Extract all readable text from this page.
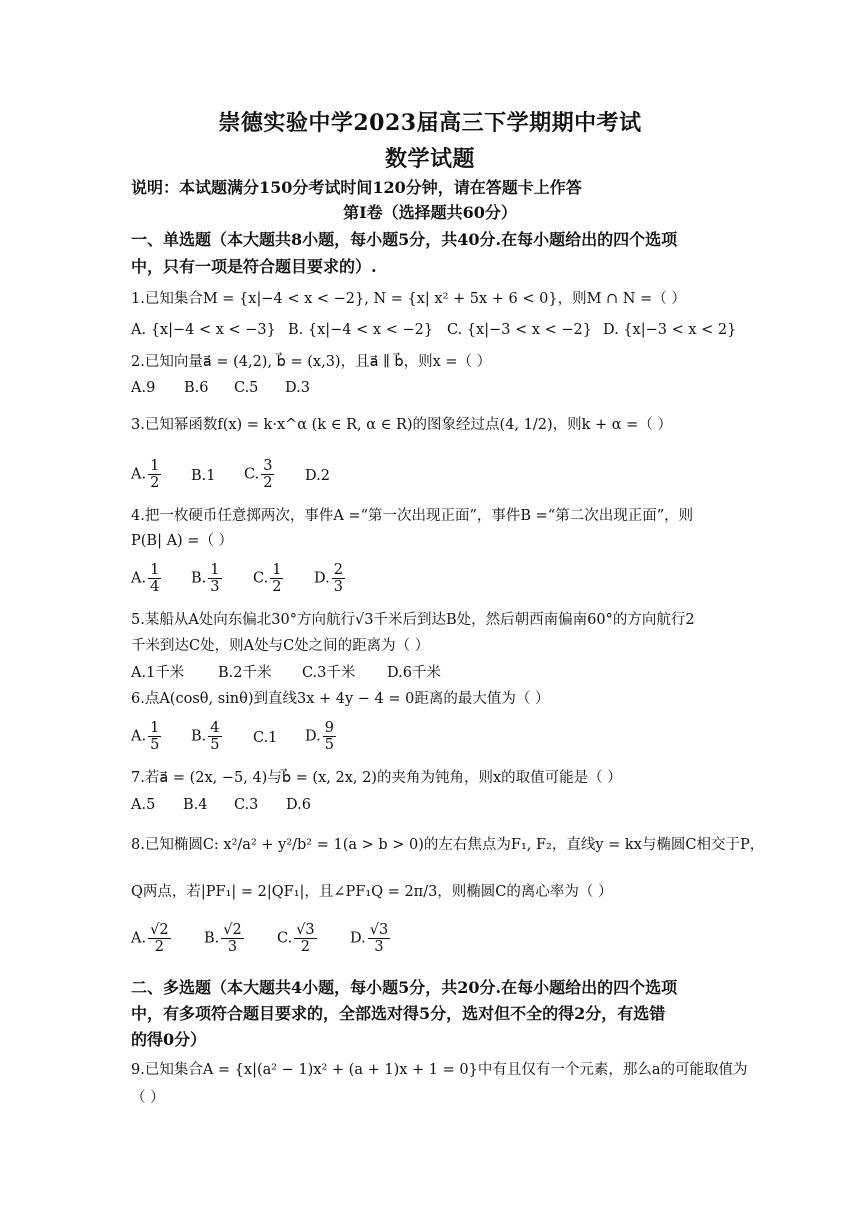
崇德实验中学2023届高三下学期期中考试
数学试题
说明：本试题满分150分考试时间120分钟，请在答题卡上作答
第I卷（选择题共60分）
一、单选题（本大题共8小题，每小题5分，共40分.在每小题给出的四个选项
中，只有一项是符合题目要求的）.
1.已知集合M = {x|−4 < x < −2}, N = {x| x² + 5x + 6 < 0}，则M ∩ N =（ ）
A. {x|−4 < x < −3} B. {x|−4 < x < −2} C. {x|−3 < x < −2} D. {x|−3 < x < 2}
2.已知向量a⃗ = (4,2), b⃗ = (x,3)，且a⃗ ∥ b⃗，则x =（ ）
A.9 B.6 C.5 D.3
3.已知幂函数f(x) = k·x^α (k ∈ R, α ∈ R)的图象经过点(4, 1/2)，则k + α =（ ）
A. $\frac{1}{2} B.1$ C. $\frac{3}{2} D.2$
4.把一枚硬币任意掷两次，事件A =“第一次出现正面”，事件B =“第二次出现正面”，则
P(B| A) =（ ）
A. $\frac{1}{4} B$. $\frac{1}{3} C$. $\frac{1}{2} D$. $\frac{2}{3}$
5.某船从A处向东偏北30°方向航行√3千米后到达B处，然后朝西南偏南60°的方向航行2
千米到达C处，则A处与C处之间的距离为（ ）
A.1千米 B.2千米 C.3千米 D.6千米
6.点A(cosθ, sinθ)到直线3x + 4y − 4 = 0距离的最大值为（ ）
A. $\frac{1}{5} B$. $\frac{4}{5} C.1$ D. $\frac{9}{5}$
7.若a⃗ = (2x, −5, 4)与b⃗ = (x, 2x, 2)的夹角为钝角，则x的取值可能是（ ）
A.5 B.4 C.3 D.6
8.已知椭圆C: x²/a² + y²/b² = 1(a > b > 0)的左右焦点为F₁, F₂，直线y = kx与椭圆C相交于P，
Q两点，若|PF₁| = 2|QF₁|，且∠PF₁Q = 2π/3，则椭圆C的离心率为（ ）
A. $\frac{√2}{2} B$. $\frac{√2}{3} C$. $\frac{√3}{2} D$. $\frac{√3}{3}$
二、多选题（本大题共4小题，每小题5分，共20分.在每小题给出的四个选项
中，有多项符合题目要求的，全部选对得5分，选对但不全的得2分，有选错
的得0分）
9.已知集合A = {x|(a² − 1)x² + (a + 1)x + 1 = 0}中有且仅有一个元素，那么a的可能取值为
（ ）
